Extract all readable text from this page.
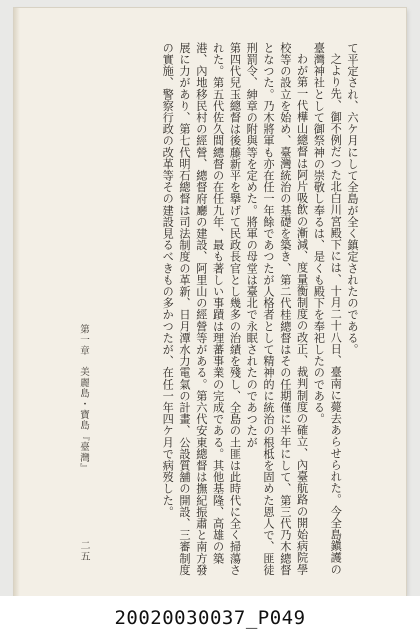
て平定され、六ケ月にして全島が全く鎮定されたのである。

之より先、御不例だつた北白川宮殿下には、十月二十八日、臺南に薨去あらせられた。今全島鎭護の臺灣神社として御祭神の崇敬し奉るは、是くも殿下を奉祀したのである。

わが第一代樺山總督は阿片吸飲の漸減、度量衡制度の改正、裁判制度の確立、內臺航路の開始病院學校等の設立を始め、臺灣統治の基礎を築き、第二代桂總督はその任期僅に半年にして、第三代乃木總督となつた。乃木將軍も亦在任一年餘であつたが人格者として精神的に統治の根柢を固めた恩人で、匪徒刑罰令、紳章の附與等を定めた。將軍の母堂は臺北で永眠されたのであつたが

第四代兒玉總督は後藤新平を擧げて民政長官とし幾多の治績を殘し、全島の土匪は此時代に全く掃蕩された。第五代佐久間總督の在任九年、最も著しい事蹟は理蕃事業の完成である。其他基隆、高雄の築港、內地移民村の經營、總督府廳の建設、阿里山の經營等がある。第六代安東總督は撫紀振肅と南方發展に力があり、第七代明石總督は司法制度の革新、日月潭水力電氣の計畫、公設質舖の開設、三審制度の實施、警察行政の改革等その建設見るべきもの多かつたが、在任一年四ケ月で病歿した。

第一章　美麗島・寶島『臺灣』
二五
20020030037_P049
